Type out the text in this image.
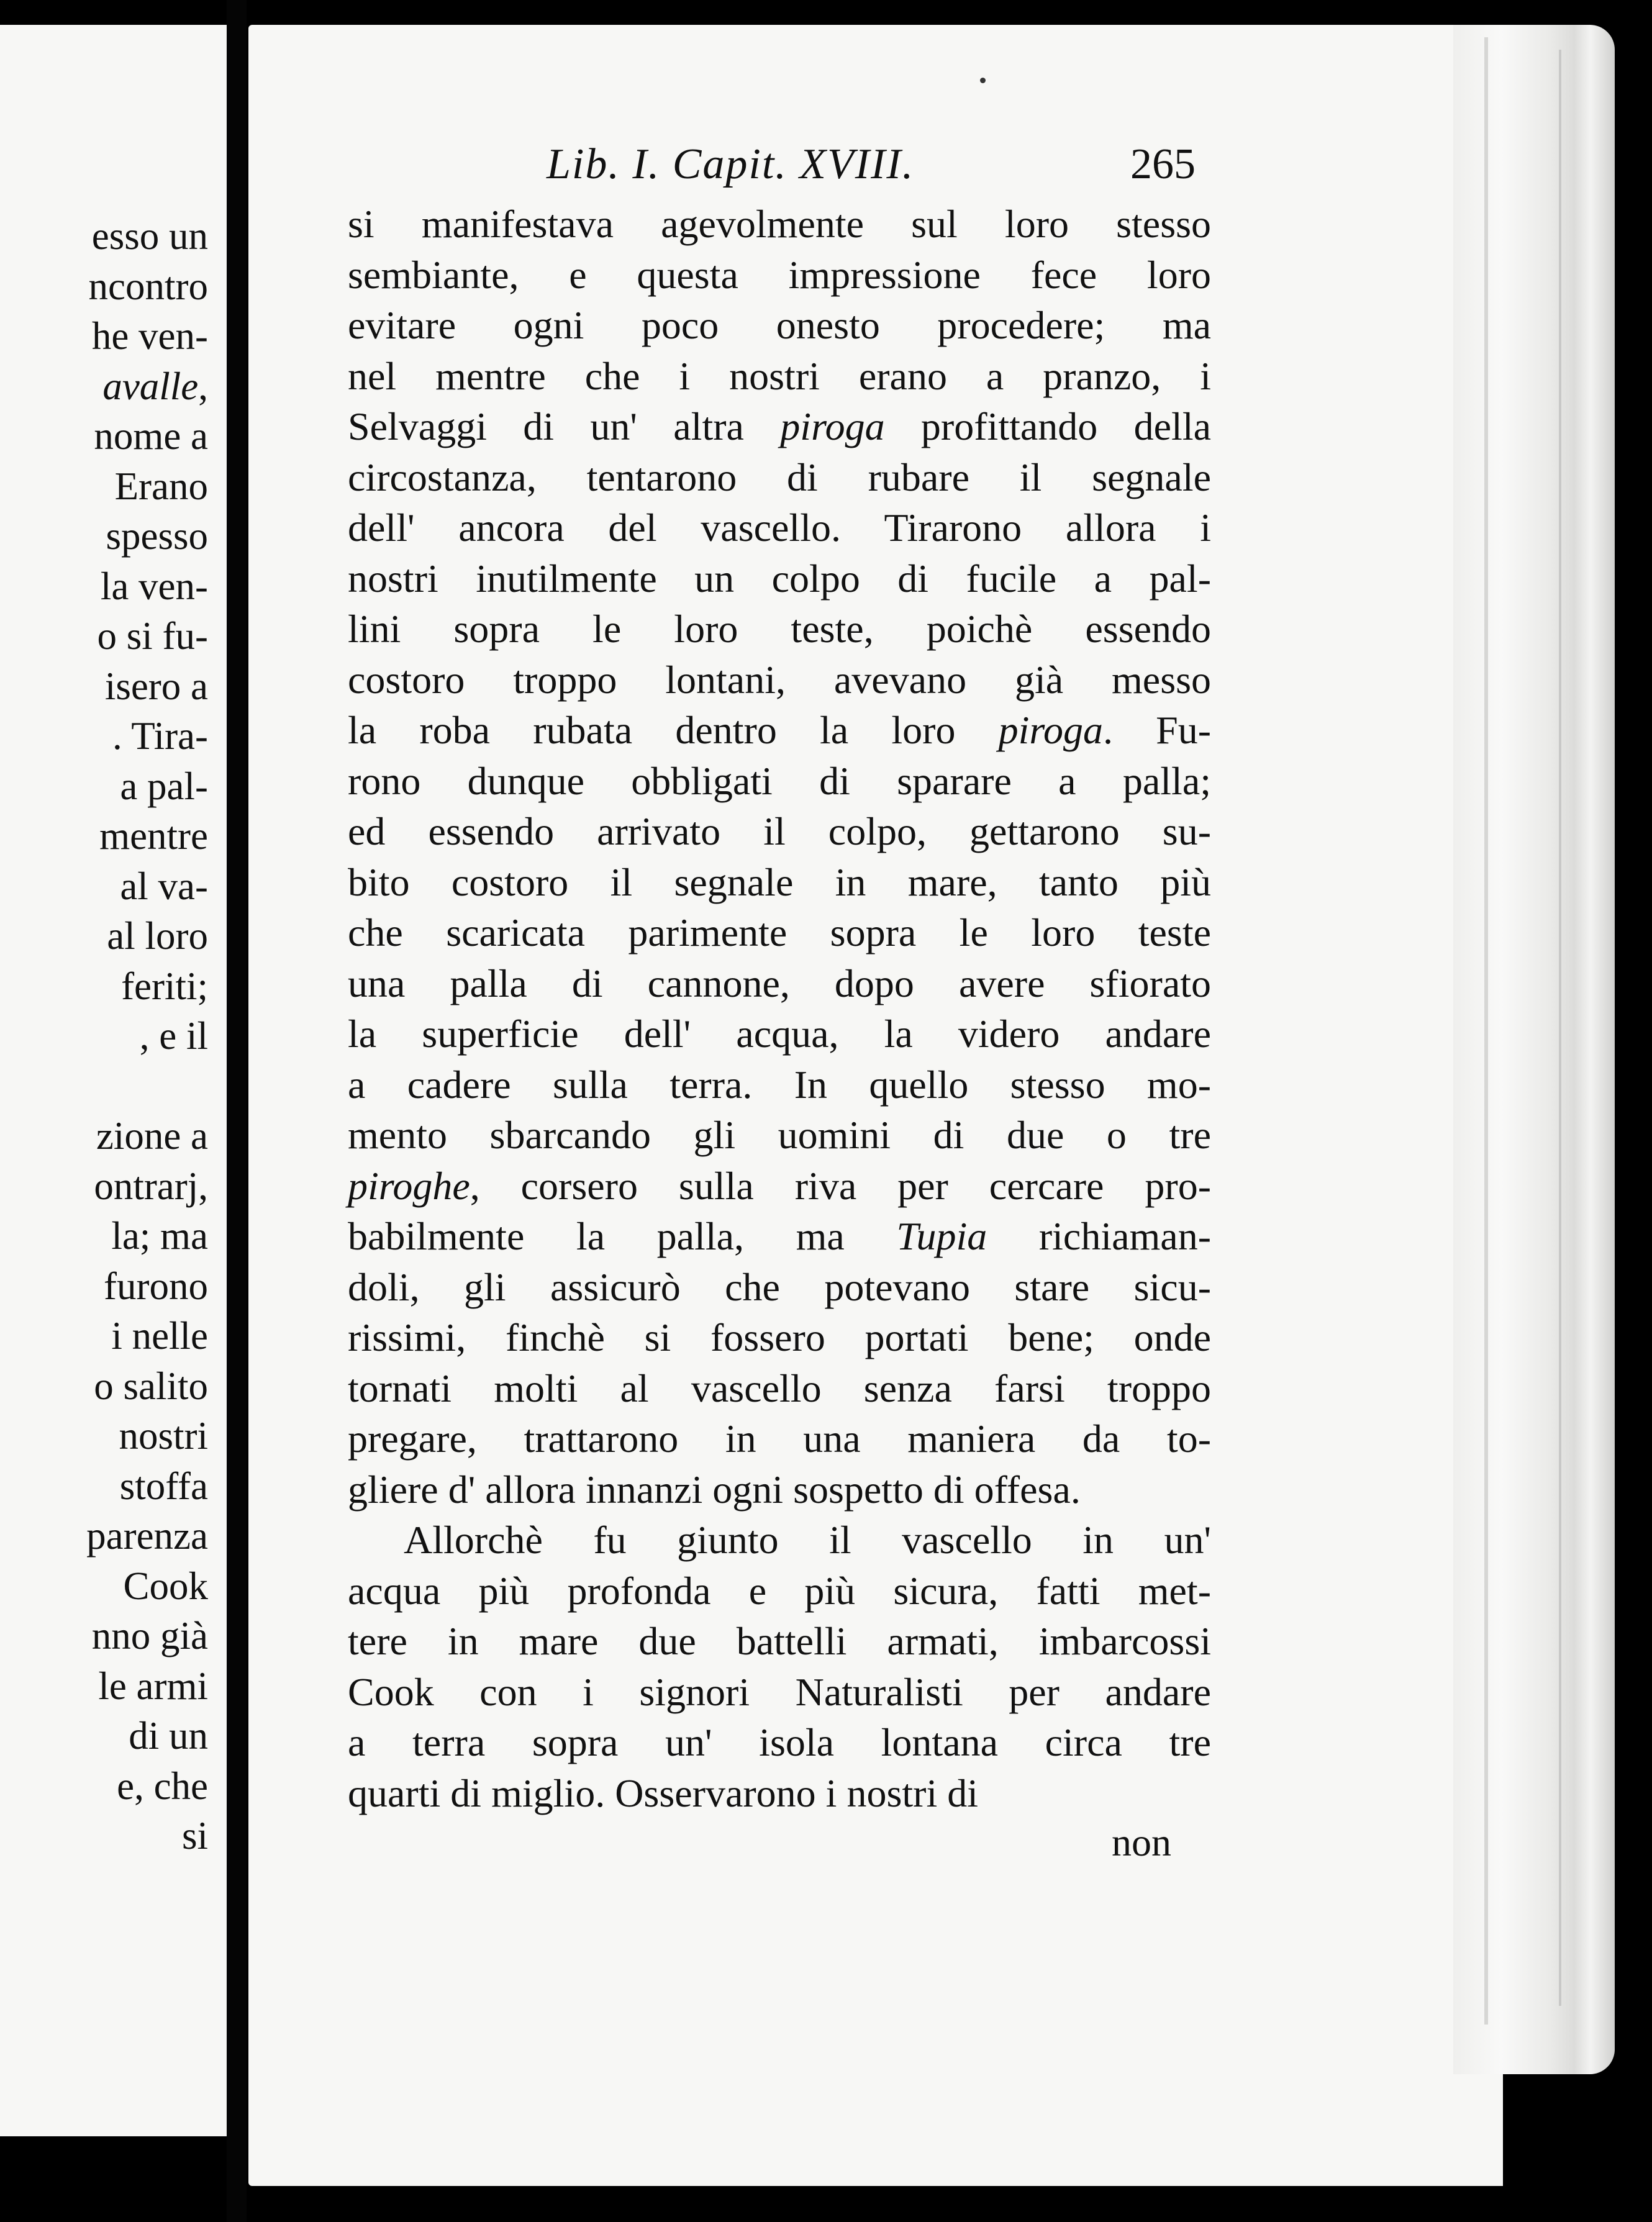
esso un
ncontro
he ven-
avalle,
nome a
Erano
spesso
la ven-
o si fu-
isero a
. Tira-
a pal-
mentre
al va-
al loro
feriti;
, e il
zione a
ontrarj,
la; ma
furono
i nelle
o salito
nostri
stoffa
parenza
Cook
nno già
le armi
di un
e, che
si
Lib. I. Capit. XVIII.	265
si manifestava agevolmente sul loro stesso
sembiante, e questa impressione fece loro
evitare ogni poco onesto procedere; ma
nel mentre che i nostri erano a pranzo, i
Selvaggi di un' altra piroga profittando della
circostanza, tentarono di rubare il segnale
dell' ancora del vascello. Tirarono allora i
nostri inutilmente un colpo di fucile a pal-
lini sopra le loro teste, poichè essendo
costoro troppo lontani, avevano già messo
la roba rubata dentro la loro piroga. Fu-
rono dunque obbligati di sparare a palla;
ed essendo arrivato il colpo, gettarono su-
bito costoro il segnale in mare, tanto più
che scaricata parimente sopra le loro teste
una palla di cannone, dopo avere sfiorato
la superficie dell' acqua, la videro andare
a cadere sulla terra. In quello stesso mo-
mento sbarcando gli uomini di due o tre
piroghe, corsero sulla riva per cercare pro-
babilmente la palla, ma Tupia richiaman-
doli, gli assicurò che potevano stare sicu-
rissimi, finchè si fossero portati bene; onde
tornati molti al vascello senza farsi troppo
pregare, trattarono in una maniera da to-
gliere d' allora innanzi ogni sospetto di offesa.
Allorchè fu giunto il vascello in un'
acqua più profonda e più sicura, fatti met-
tere in mare due battelli armati, imbarcossi
Cook con i signori Naturalisti per andare
a terra sopra un' isola lontana circa tre
quarti di miglio. Osservarono i nostri di
non
